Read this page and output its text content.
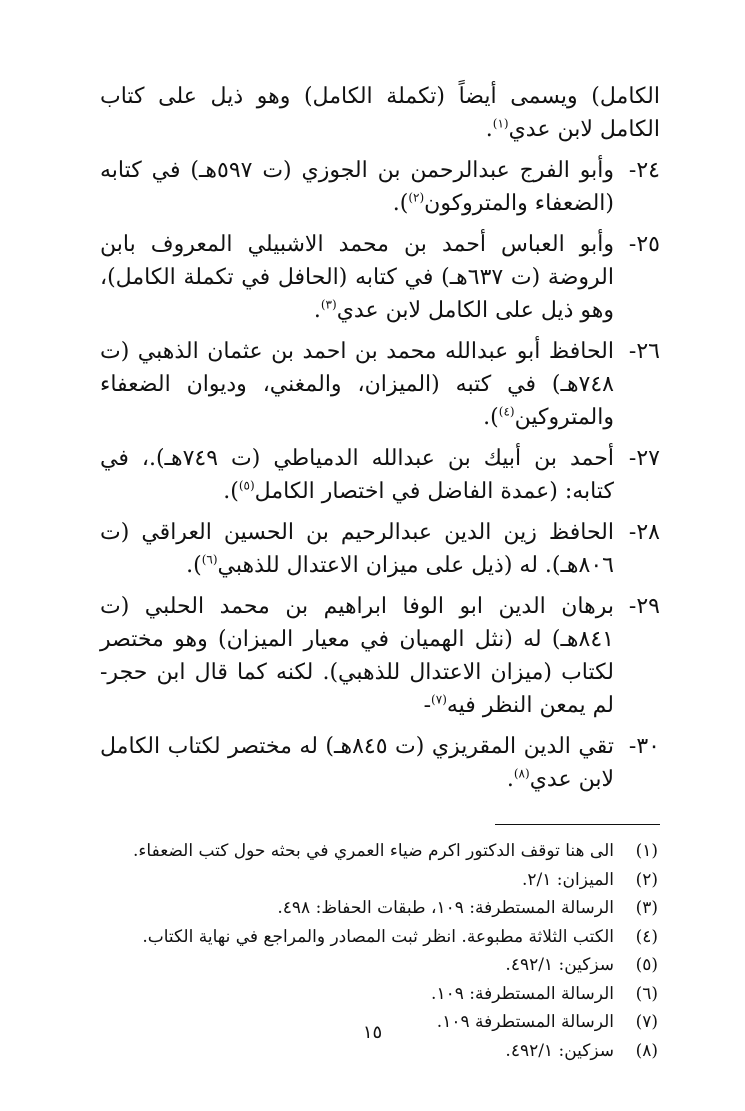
الكامل) ويسمى أيضاً (تكملة الكامل) وهو ذيل على كتاب الكامل لابن عدي$^{(١)}$.

٢٤-
وأبو الفرج عبدالرحمن بن الجوزي (ت ٥٩٧هـ) في كتابه (الضعفاء والمتروكون$^{(٢)}$).
٢٥-
وأبو العباس أحمد بن محمد الاشبيلي المعروف بابن الروضة (ت ٦٣٧هـ) في كتابه (الحافل في تكملة الكامل)، وهو ذيل على الكامل لابن عدي$^{(٣)}$.
٢٦-
الحافظ أبو عبدالله محمد بن احمد بن عثمان الذهبي (ت ٧٤٨هـ) في كتبه (الميزان، والمغني، وديوان الضعفاء والمتروكين$^{(٤)}$).
٢٧-
أحمد بن أبيك بن عبدالله الدمياطي (ت ٧٤٩هـ).، في كتابه: (عمدة الفاضل في اختصار الكامل$^{(٥)}$).
٢٨-
الحافظ زين الدين عبدالرحيم بن الحسين العراقي (ت ٨٠٦هـ). له (ذيل على ميزان الاعتدال للذهبي$^{(٦)}$).
٢٩-
برهان الدين ابو الوفا ابراهيم بن محمد الحلبي (ت ٨٤١هـ) له (نثل الهميان في معيار الميزان) وهو مختصر لكتاب (ميزان الاعتدال للذهبي). لكنه كما قال ابن حجر- لم يمعن النظر فيه$^{(٧)}$-
٣٠-
تقي الدين المقريزي (ت ٨٤٥هـ) له مختصر لكتاب الكامل لابن عدي$^{(٨)}$.
(١)
الى هنا توقف الدكتور اكرم ضياء العمري في بحثه حول كتب الضعفاء.
(٢)
الميزان: ٢/١.
(٣)
الرسالة المستطرفة: ١٠٩، طبقات الحفاظ: ٤٩٨.
(٤)
الكتب الثلاثة مطبوعة. انظر ثبت المصادر والمراجع في نهاية الكتاب.
(٥)
سزكين: ٤٩٢/١.
(٦)
الرسالة المستطرفة: ١٠٩.
(٧)
الرسالة المستطرفة ١٠٩.
(٨)
سزكين: ٤٩٢/١.
١٥
